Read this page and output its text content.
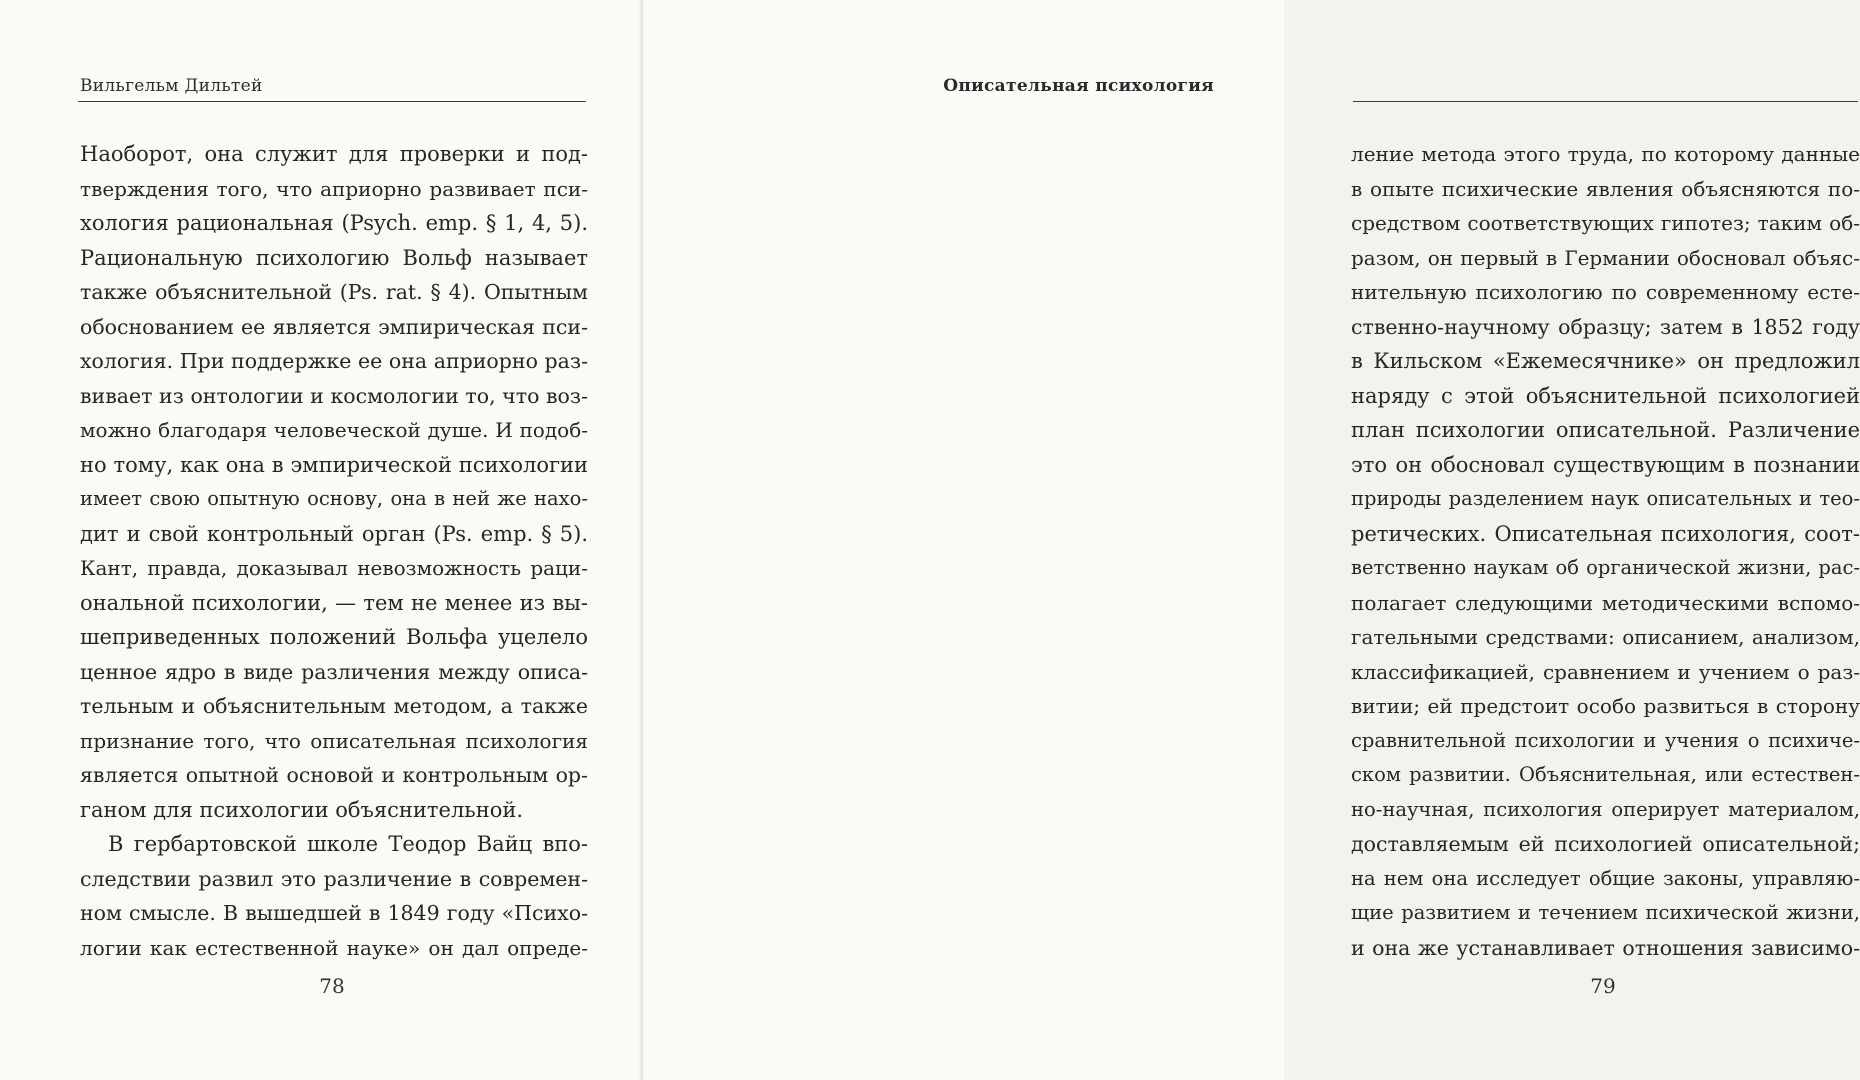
Вильгельм Дильтей
Наоборот, она служит для проверки и под-
тверждения того, что априорно развивает пси-
хология рациональная (Psych. emp. § 1, 4, 5).
Рациональную психологию Вольф называет
также объяснительной (Ps. rat. § 4). Опытным
обоснованием ее является эмпирическая пси-
хология. При поддержке ее она априорно раз-
вивает из онтологии и космологии то, что воз-
можно благодаря человеческой душе. И подоб-
но тому, как она в эмпирической психологии
имеет свою опытную основу, она в ней же нахо-
дит и свой контрольный орган (Ps. emp. § 5).
Кант, правда, доказывал невозможность раци-
ональной психологии, — тем не менее из вы-
шеприведенных положений Вольфа уцелело
ценное ядро в виде различения между описа-
тельным и объяснительным методом, а также
признание того, что описательная психология
является опытной основой и контрольным ор-
ганом для психологии объяснительной.
В гербартовской школе Теодор Вайц впо-
следствии развил это различение в современ-
ном смысле. В вышедшей в 1849 году «Психо-
логии как естественной науке» он дал опреде-
78
Описательная психология
ление метода этого труда, по которому данные
в опыте психические явления объясняются по-
средством соответствующих гипотез; таким об-
разом, он первый в Германии обосновал объяс-
нительную психологию по современному есте-
ственно-научному образцу; затем в 1852 году
в Кильском «Ежемесячнике» он предложил
наряду с этой объяснительной психологией
план психологии описательной. Различение
это он обосновал существующим в познании
природы разделением наук описательных и тео-
ретических. Описательная психология, соот-
ветственно наукам об органической жизни, рас-
полагает следующими методическими вспомо-
гательными средствами: описанием, анализом,
классификацией, сравнением и учением о раз-
витии; ей предстоит особо развиться в сторону
сравнительной психологии и учения о психиче-
ском развитии. Объяснительная, или естествен-
но-научная, психология оперирует материалом,
доставляемым ей психологией описательной;
на нем она исследует общие законы, управляю-
щие развитием и течением психической жизни,
и она же устанавливает отношения зависимо-
79
